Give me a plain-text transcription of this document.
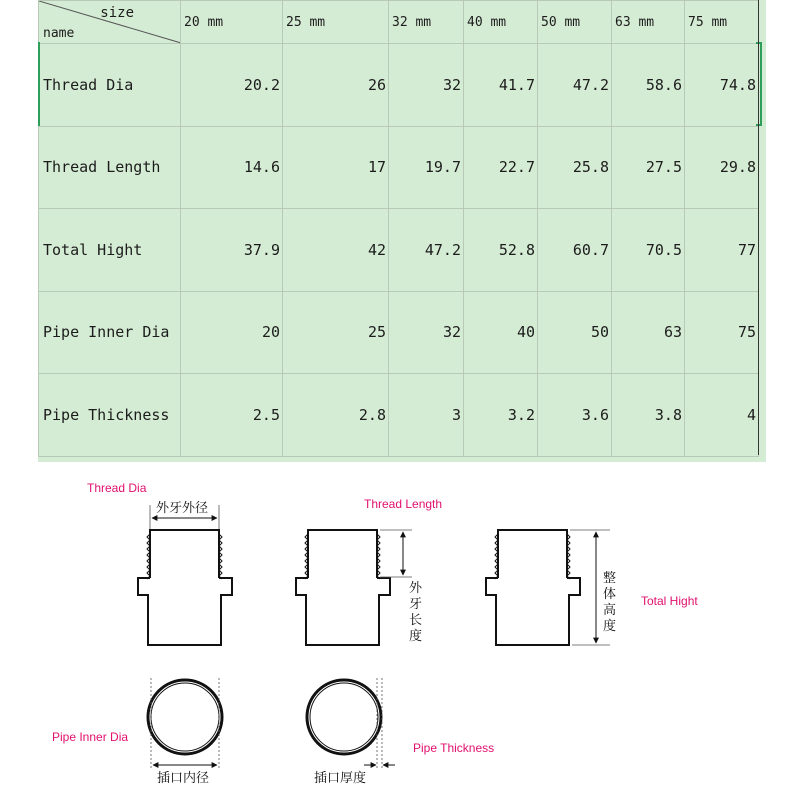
size
name	20 mm	25 mm	32 mm	40 mm	50 mm	63 mm	75 mm
Thread Dia	20.2	26	32	41.7	47.2	58.6	74.8
Thread Length	14.6	17	19.7	22.7	25.8	27.5	29.8
Total Hight	37.9	42	47.2	52.8	60.7	70.5	77
Pipe Inner Dia	20	25	32	40	50	63	75
Pipe Thickness	2.5	2.8	3	3.2	3.6	3.8	4
Thread Dia
外牙外径	Thread Length
外
牙
长
度
整
体
高
度
Total Hight
插口内径
Pipe Inner Dia
插口厚度
Pipe Thickness
